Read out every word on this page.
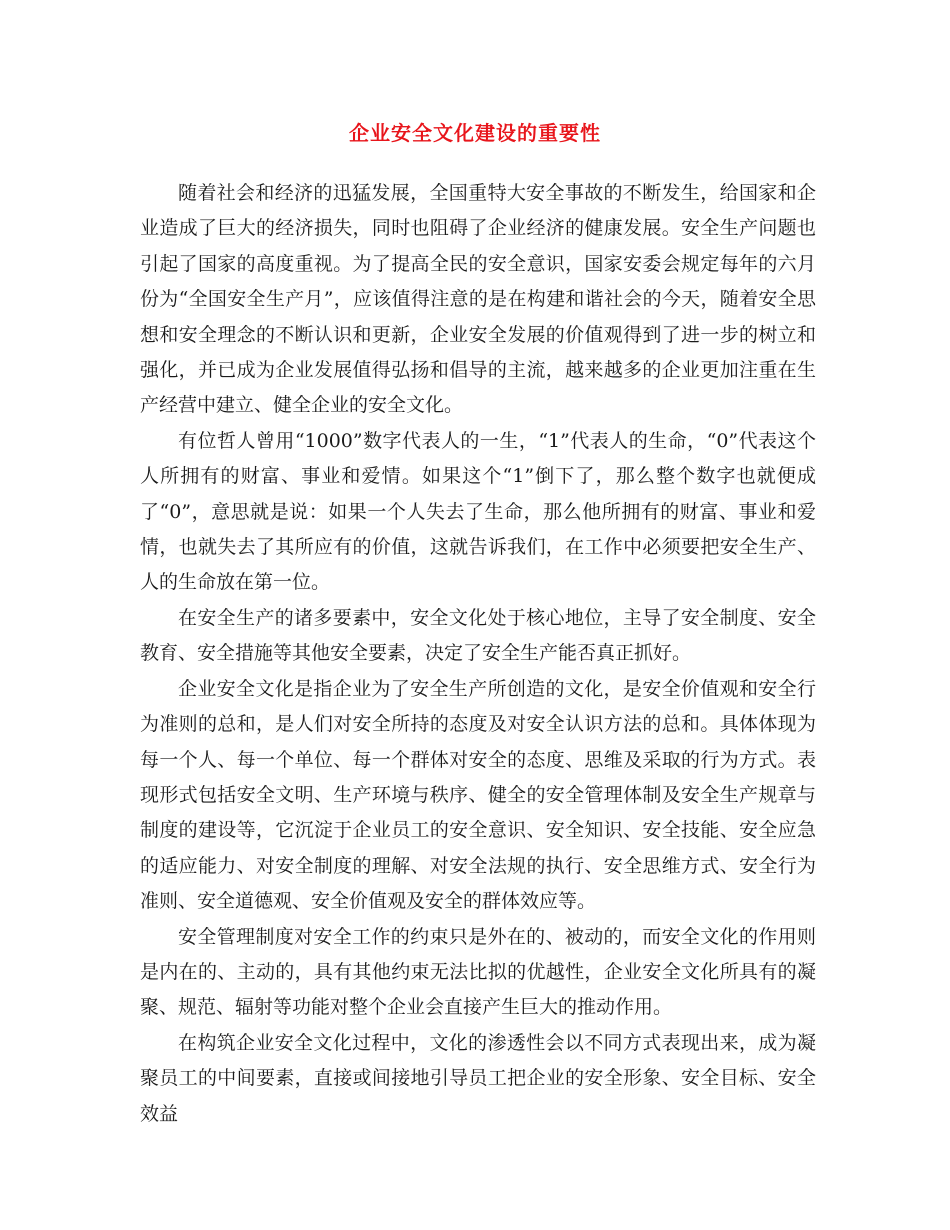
企业安全文化建设的重要性

随着社会和经济的迅猛发展，全国重特大安全事故的不断发生，给国家和企业造成了巨大的经济损失，同时也阻碍了企业经济的健康发展。安全生产问题也引起了国家的高度重视。为了提高全民的安全意识，国家安委会规定每年的六月份为“全国安全生产月”，应该值得注意的是在构建和谐社会的今天，随着安全思想和安全理念的不断认识和更新，企业安全发展的价值观得到了进一步的树立和强化，并已成为企业发展值得弘扬和倡导的主流，越来越多的企业更加注重在生产经营中建立、健全企业的安全文化。

有位哲人曾用“1000”数字代表人的一生，“1”代表人的生命，“0”代表这个人所拥有的财富、事业和爱情。如果这个“1”倒下了，那么整个数字也就便成了“0”，意思就是说：如果一个人失去了生命，那么他所拥有的财富、事业和爱情，也就失去了其所应有的价值，这就告诉我们，在工作中必须要把安全生产、人的生命放在第一位。

在安全生产的诸多要素中，安全文化处于核心地位，主导了安全制度、安全教育、安全措施等其他安全要素，决定了安全生产能否真正抓好。

企业安全文化是指企业为了安全生产所创造的文化，是安全价值观和安全行为准则的总和，是人们对安全所持的态度及对安全认识方法的总和。具体体现为每一个人、每一个单位、每一个群体对安全的态度、思维及采取的行为方式。表现形式包括安全文明、生产环境与秩序、健全的安全管理体制及安全生产规章与制度的建设等，它沉淀于企业员工的安全意识、安全知识、安全技能、安全应急的适应能力、对安全制度的理解、对安全法规的执行、安全思维方式、安全行为准则、安全道德观、安全价值观及安全的群体效应等。

安全管理制度对安全工作的约束只是外在的、被动的，而安全文化的作用则是内在的、主动的，具有其他约束无法比拟的优越性，企业安全文化所具有的凝聚、规范、辐射等功能对整个企业会直接产生巨大的推动作用。

在构筑企业安全文化过程中，文化的渗透性会以不同方式表现出来，成为凝聚员工的中间要素，直接或间接地引导员工把企业的安全形象、安全目标、安全效益
